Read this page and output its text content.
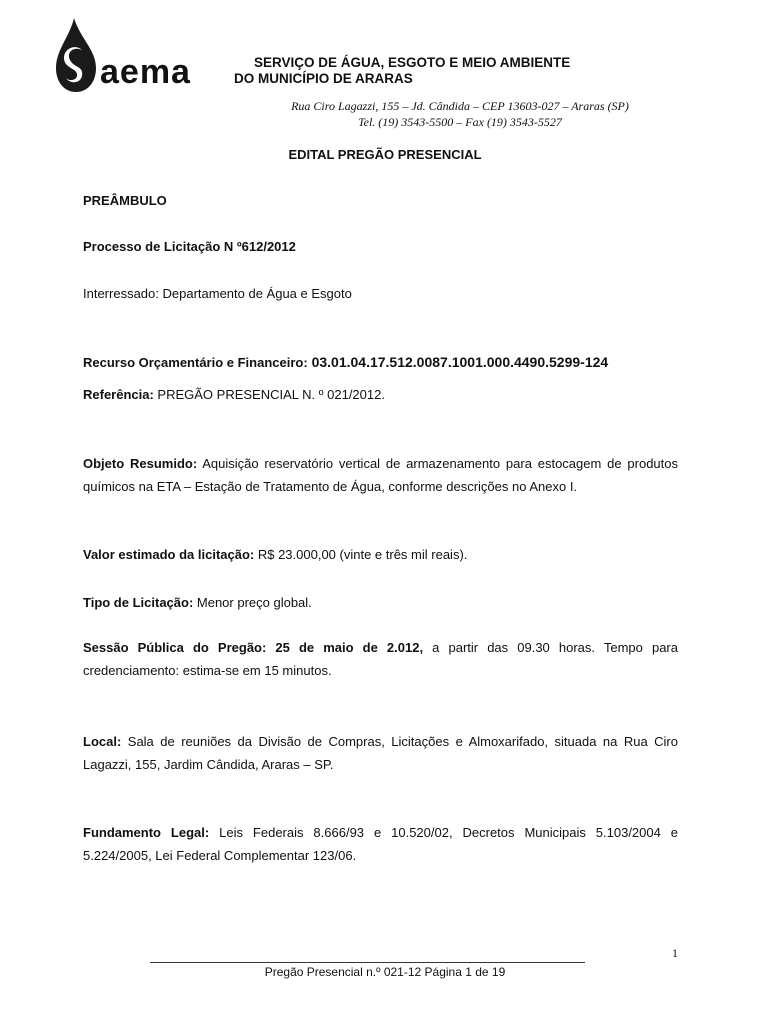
aema	SERVIÇO DE ÁGUA, ESGOTO E MEIO AMBIENTE
DO MUNICÍPIO DE ARARAS
Rua Ciro Lagazzi, 155 – Jd. Cândida – CEP 13603-027 – Araras (SP)
Tel. (19) 3543-5500 – Fax (19) 3543-5527
EDITAL PREGÃO PRESENCIAL
PREÂMBULO
Processo de Licitação N º612/2012
Interressado: Departamento de Água e Esgoto
Recurso Orçamentário e Financeiro: 03.01.04.17.512.0087.1001.000.4490.5299-124
Referência: PREGÃO PRESENCIAL N. º 021/2012.
Objeto Resumido: Aquisição reservatório vertical de armazenamento para estocagem de produtos químicos na ETA – Estação de Tratamento de Água, conforme descrições no Anexo I.
Valor estimado da licitação: R$ 23.000,00 (vinte e três mil reais).
Tipo de Licitação: Menor preço global.
Sessão Pública do Pregão: 25 de maio de 2.012, a partir das 09.30 horas. Tempo para credenciamento: estima-se em 15 minutos.
Local: Sala de reuniões da Divisão de Compras, Licitações e Almoxarifado, situada na Rua Ciro Lagazzi, 155, Jardim Cândida, Araras – SP.
Fundamento Legal: Leis Federais 8.666/93 e 10.520/02, Decretos Municipais 5.103/2004 e 5.224/2005, Lei Federal Complementar 123/06.
1
Pregão Presencial n.º 021-12 Página 1 de 19
